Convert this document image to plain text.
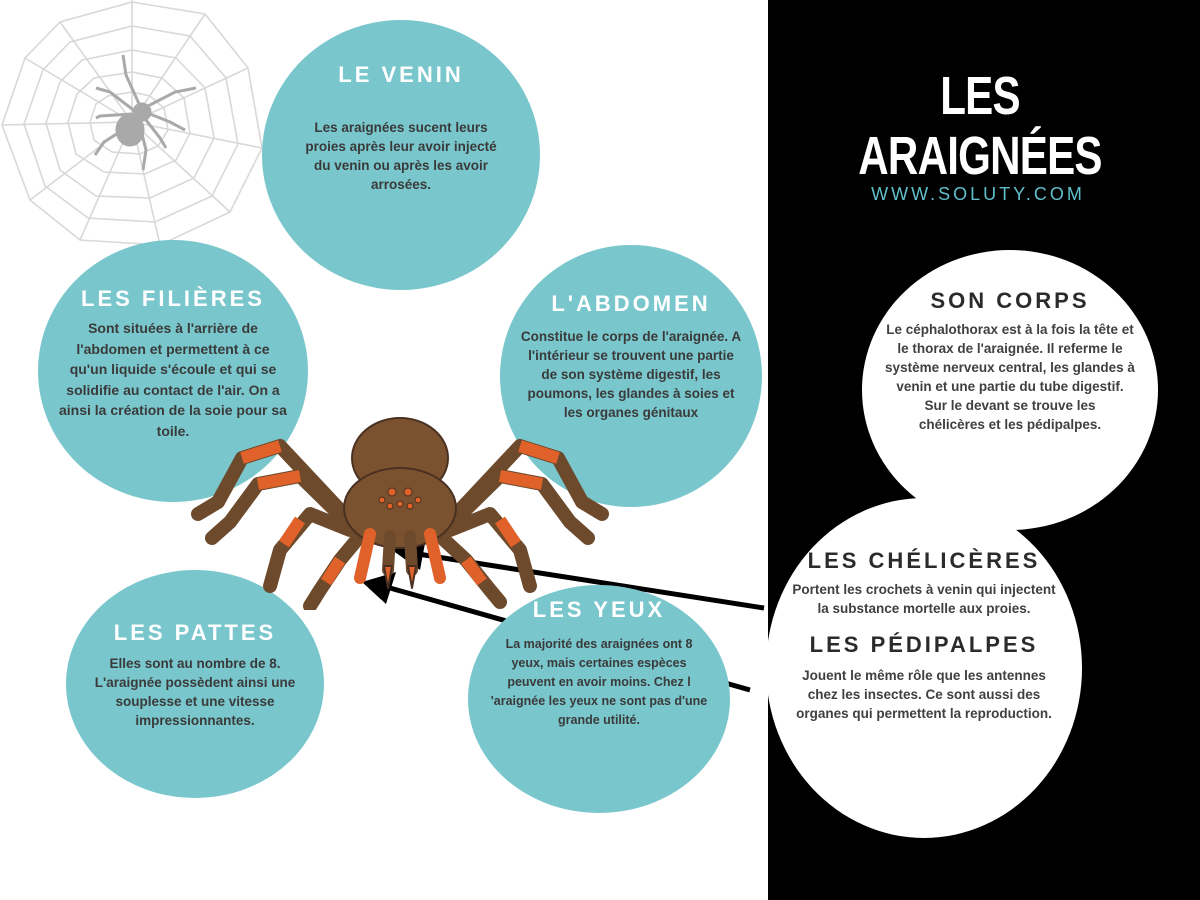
LES ARAIGNÉES
WWW.SOLUTY.COM
LE VENIN

Les araignées sucent leurs proies après leur avoir injecté du venin ou après les avoir arrosées.

LES FILIÈRES

Sont situées à l'arrière de l'abdomen et permettent à ce qu'un liquide s'écoule et qui se solidifie au contact de l'air. On a ainsi la création de la soie pour sa toile.

L'ABDOMEN

Constitue le corps de l'araignée. A l'intérieur se trouvent une partie de son système digestif, les poumons, les glandes à soies et les organes génitaux

LES PATTES

Elles sont au nombre de 8. L'araignée possèdent ainsi une souplesse et une vitesse impressionnantes.

LES YEUX

La majorité des araignées ont 8 yeux, mais certaines espèces peuvent en avoir moins. Chez l 'araignée les yeux ne sont pas d'une grande utilité.

SON CORPS

Le céphalothorax est à la fois la tête et le thorax de l'araignée. Il referme le système nerveux central, les glandes à venin et une partie du tube digestif.

Sur le devant se trouve les chélicères et les pédipalpes.

LES CHÉLICÈRES

Portent les crochets à venin qui injectent la substance mortelle aux proies.

LES PÉDIPALPES

Jouent le même rôle que les antennes chez les insectes. Ce sont aussi des organes qui permettent la reproduction.
